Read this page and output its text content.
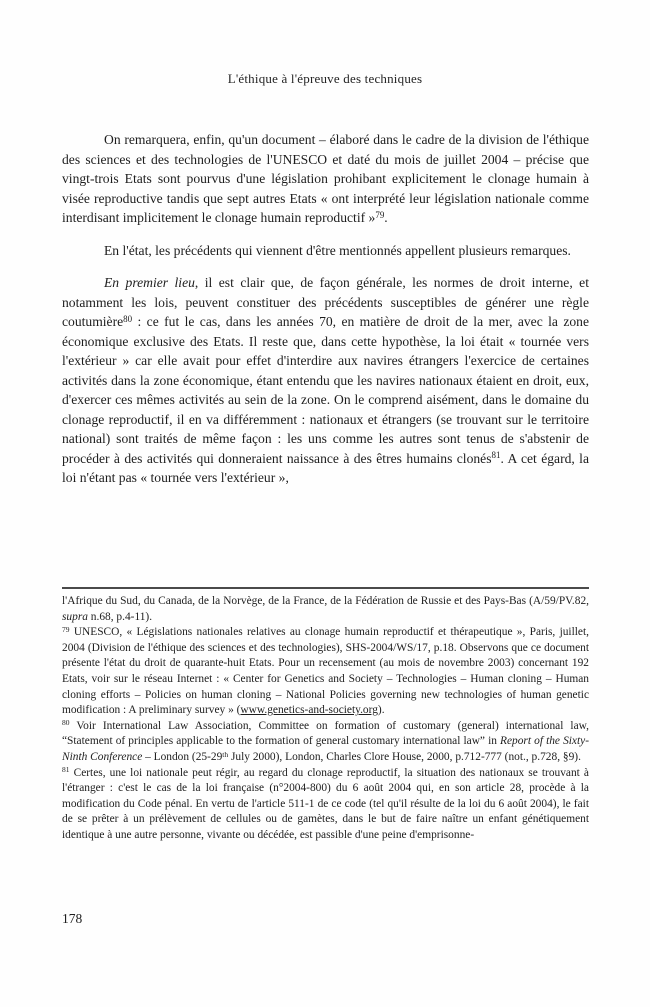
L'éthique à l'épreuve des techniques

On remarquera, enfin, qu'un document – élaboré dans le cadre de la division de l'éthique des sciences et des technologies de l'UNESCO et daté du mois de juillet 2004 – précise que vingt-trois Etats sont pourvus d'une législation prohibant explicitement le clonage humain à visée reproductive tandis que sept autres Etats « ont interprété leur législation nationale comme interdisant implicitement le clonage humain reproductif »$^{79}$.

En l'état, les précédents qui viennent d'être mentionnés appellent plusieurs remarques.

En premier lieu, il est clair que, de façon générale, les normes de droit interne, et notamment les lois, peuvent constituer des précédents susceptibles de générer une règle coutumière$^{80}$ : ce fut le cas, dans les années 70, en matière de droit de la mer, avec la zone économique exclusive des Etats. Il reste que, dans cette hypothèse, la loi était « tournée vers l'extérieur » car elle avait pour effet d'interdire aux navires étrangers l'exercice de certaines activités dans la zone économique, étant entendu que les navires nationaux étaient en droit, eux, d'exercer ces mêmes activités au sein de la zone. On le comprend aisément, dans le domaine du clonage reproductif, il en va différemment : nationaux et étrangers (se trouvant sur le territoire national) sont traités de même façon : les uns comme les autres sont tenus de s'abstenir de procéder à des activités qui donneraient naissance à des êtres humains clonés$^{81}$. A cet égard, la loi n'étant pas « tournée vers l'extérieur »,

l'Afrique du Sud, du Canada, de la Norvège, de la France, de la Fédération de Russie et des Pays-Bas (A/59/PV.82, supra n.68, p.4-11).

$^{79}$ UNESCO, « Législations nationales relatives au clonage humain reproductif et thérapeutique », Paris, juillet, 2004 (Division de l'éthique des sciences et des technologies), SHS-2004/WS/17, p.18. Observons que ce document présente l'état du droit de quarante-huit Etats. Pour un recensement (au mois de novembre 2003) concernant 192 Etats, voir sur le réseau Internet : « Center for Genetics and Society – Technologies – Human cloning – Human cloning efforts – Policies on human cloning – National Policies governing new technologies of human genetic modification : A preliminary survey » (www.genetics-and-society.org).

$^{80}$ Voir International Law Association, Committee on formation of customary (general) international law, “Statement of principles applicable to the formation of general customary international law” in Report of the Sixty-Ninth Conference – London (25-29th July 2000), London, Charles Clore House, 2000, p.712-777 (not., p.728, §9).

$^{81}$ Certes, une loi nationale peut régir, au regard du clonage reproductif, la situation des nationaux se trouvant à l'étranger : c'est le cas de la loi française (n°2004-800) du 6 août 2004 qui, en son article 28, procède à la modification du Code pénal. En vertu de l'article 511-1 de ce code (tel qu'il résulte de la loi du 6 août 2004), le fait de se prêter à un prélèvement de cellules ou de gamètes, dans le but de faire naître un enfant génétiquement identique à une autre personne, vivante ou décédée, est passible d'une peine d'emprisonne-

178
